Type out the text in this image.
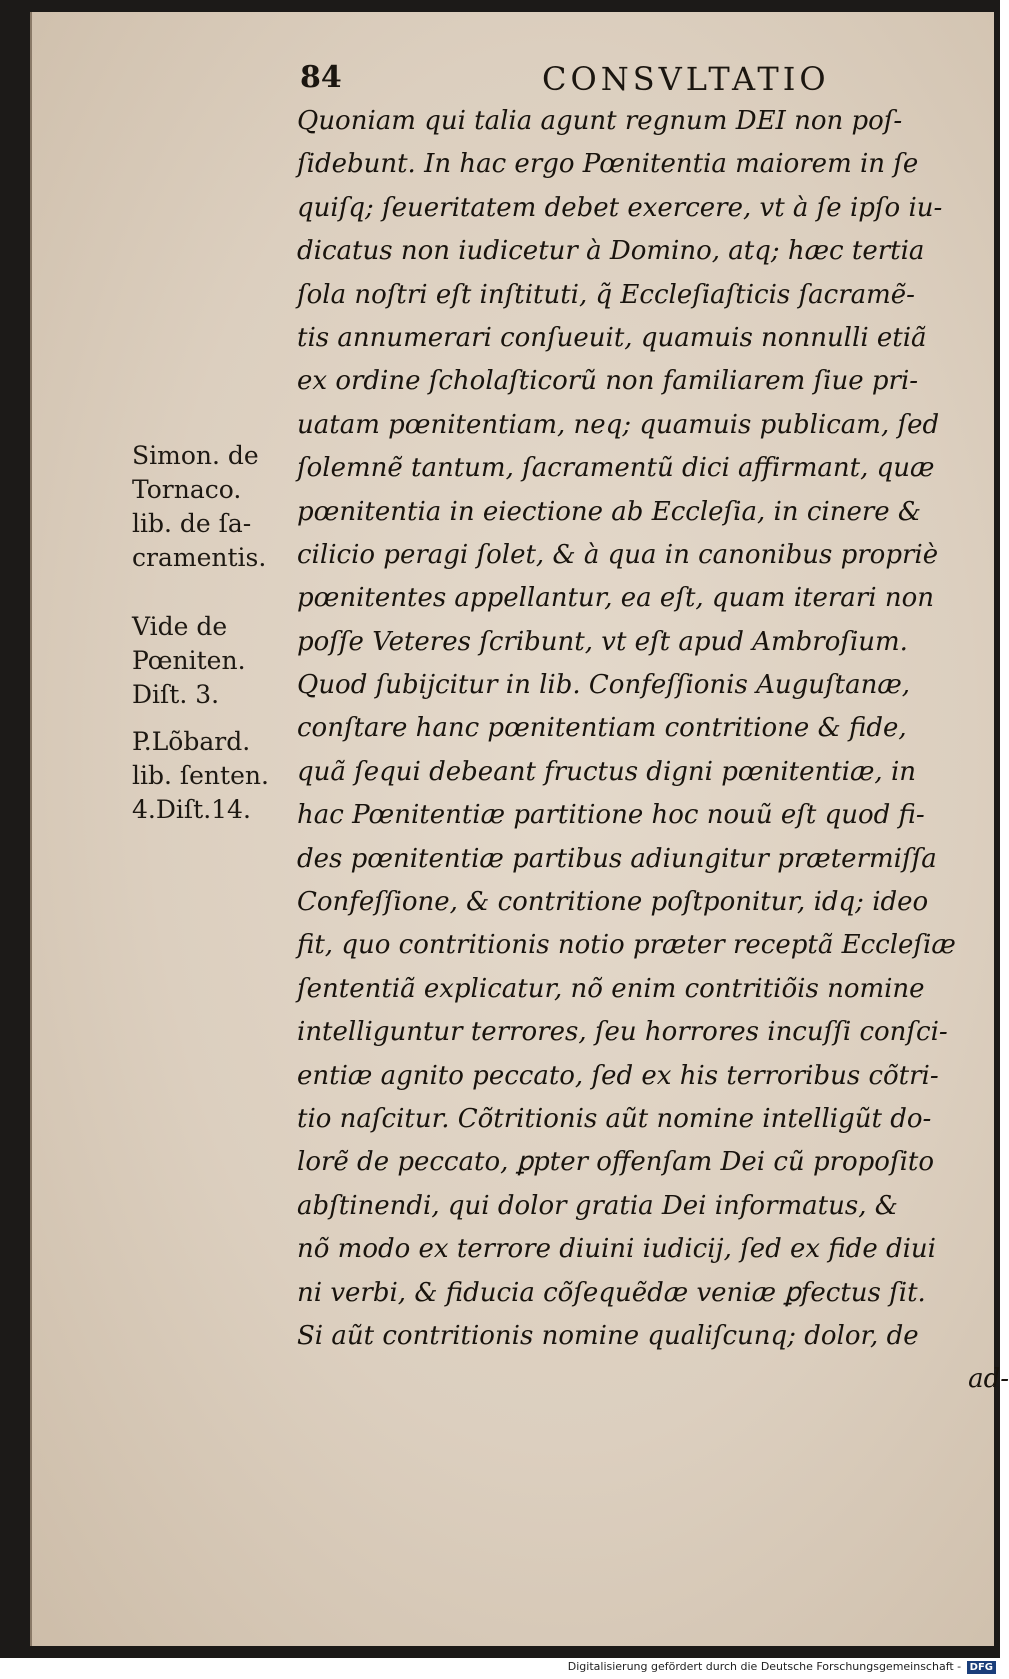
84	CONSVLTATIO
Quoniam qui talia agunt regnum DEI non poſ-
ſidebunt. In hac ergo Pœnitentia maiorem in ſe
quiſq; ſeueritatem debet exercere, vt à ſe ipſo iu-
dicatus non iudicetur à Domino, atq; hæc tertia
ſola noſtri eſt inſtituti, q̃ Eccleſiaſticis ſacramẽ-
tis annumerari conſueuit, quamuis nonnulli etiã
ex ordine ſcholaſticorũ non familiarem ſiue pri-
uatam pœnitentiam, neq; quamuis publicam, ſed
ſolemnẽ tantum, ſacramentũ dici affirmant, quæ
pœnitentia in eiectione ab Eccleſia, in cinere &
cilicio peragi ſolet, & à qua in canonibus propriè
pœnitentes appellantur, ea eſt, quam iterari non
poſſe Veteres ſcribunt, vt eſt apud Ambroſium.
Quod ſubijcitur in lib. Confeſſionis Auguſtanæ,
conſtare hanc pœnitentiam contritione & fide,
quã ſequi debeant fructus digni pœnitentiæ, in
hac Pœnitentiæ partitione hoc nouũ eſt quod fi-
des pœnitentiæ partibus adiungitur prætermiſſa
Confeſſione, & contritione poſtponitur, idq; ideo
fit, quo contritionis notio præter receptã Eccleſiæ
ſententiã explicatur, nõ enim contritiõis nomine
intelliguntur terrores, ſeu horrores incuſſi conſci-
entiæ agnito peccato, ſed ex his terroribus cõtri-
tio naſcitur. Cõtritionis aũt nomine intelligũt do-
lorẽ de peccato, ꝑpter offenſam Dei cũ propoſito
abſtinendi, qui dolor gratia Dei informatus, &
nõ modo ex terrore diuini iudicij, ſed ex fide diui
ni verbi, & fiducia cõſequẽdæ veniæ ꝑfectus ſit.
Si aũt contritionis nomine qualiſcunq; dolor, de
ad-
Simon. de
Tornaco.
lib. de ſa-
cramentis.
Vide de
Pœniten.
Diſt. 3.
P.Lõbard.
lib. ſenten.
4.Diſt.14.
Digitalisierung gefördert durch die Deutsche Forschungsgemeinschaft - DFG
